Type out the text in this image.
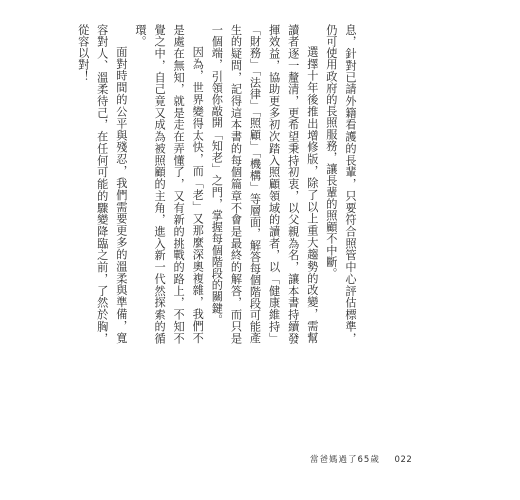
息，針對已請外籍看護的長輩，只要符合照管中心評估標準，仍可使用政府的長照服務，讓長輩的照顧不中斷。

選擇十年後推出增修版，除了以上重大趨勢的改變，需幫讀者逐一釐清，更希望秉持初衷，以父親為名，讓本書持續發揮效益，協助更多初次踏入照顧領域的讀者，以「健康維持」「財務」「法律」「照顧」「機構」等層面，解答每個階段可能產生的疑問，記得這本書的每個篇章不會是最終的解答，而只是一個端，引領你敲開「知老」之門，掌握每個階段的關鍵。

因為，世界變得太快，而「老」又那麼深奧複雜，我們不是處在無知，就是走在弄懂了，又有新的挑戰的路上，不知不覺之中，自己竟又成為被照顧的主角，進入新一代然探索的循環。

面對時間的公平與殘忍，我們需要更多的溫柔與準備，寬容對人、溫柔待己，在任何可能的驟變降臨之前，了然於胸，從容以對！

當爸媽過了65歲 022
